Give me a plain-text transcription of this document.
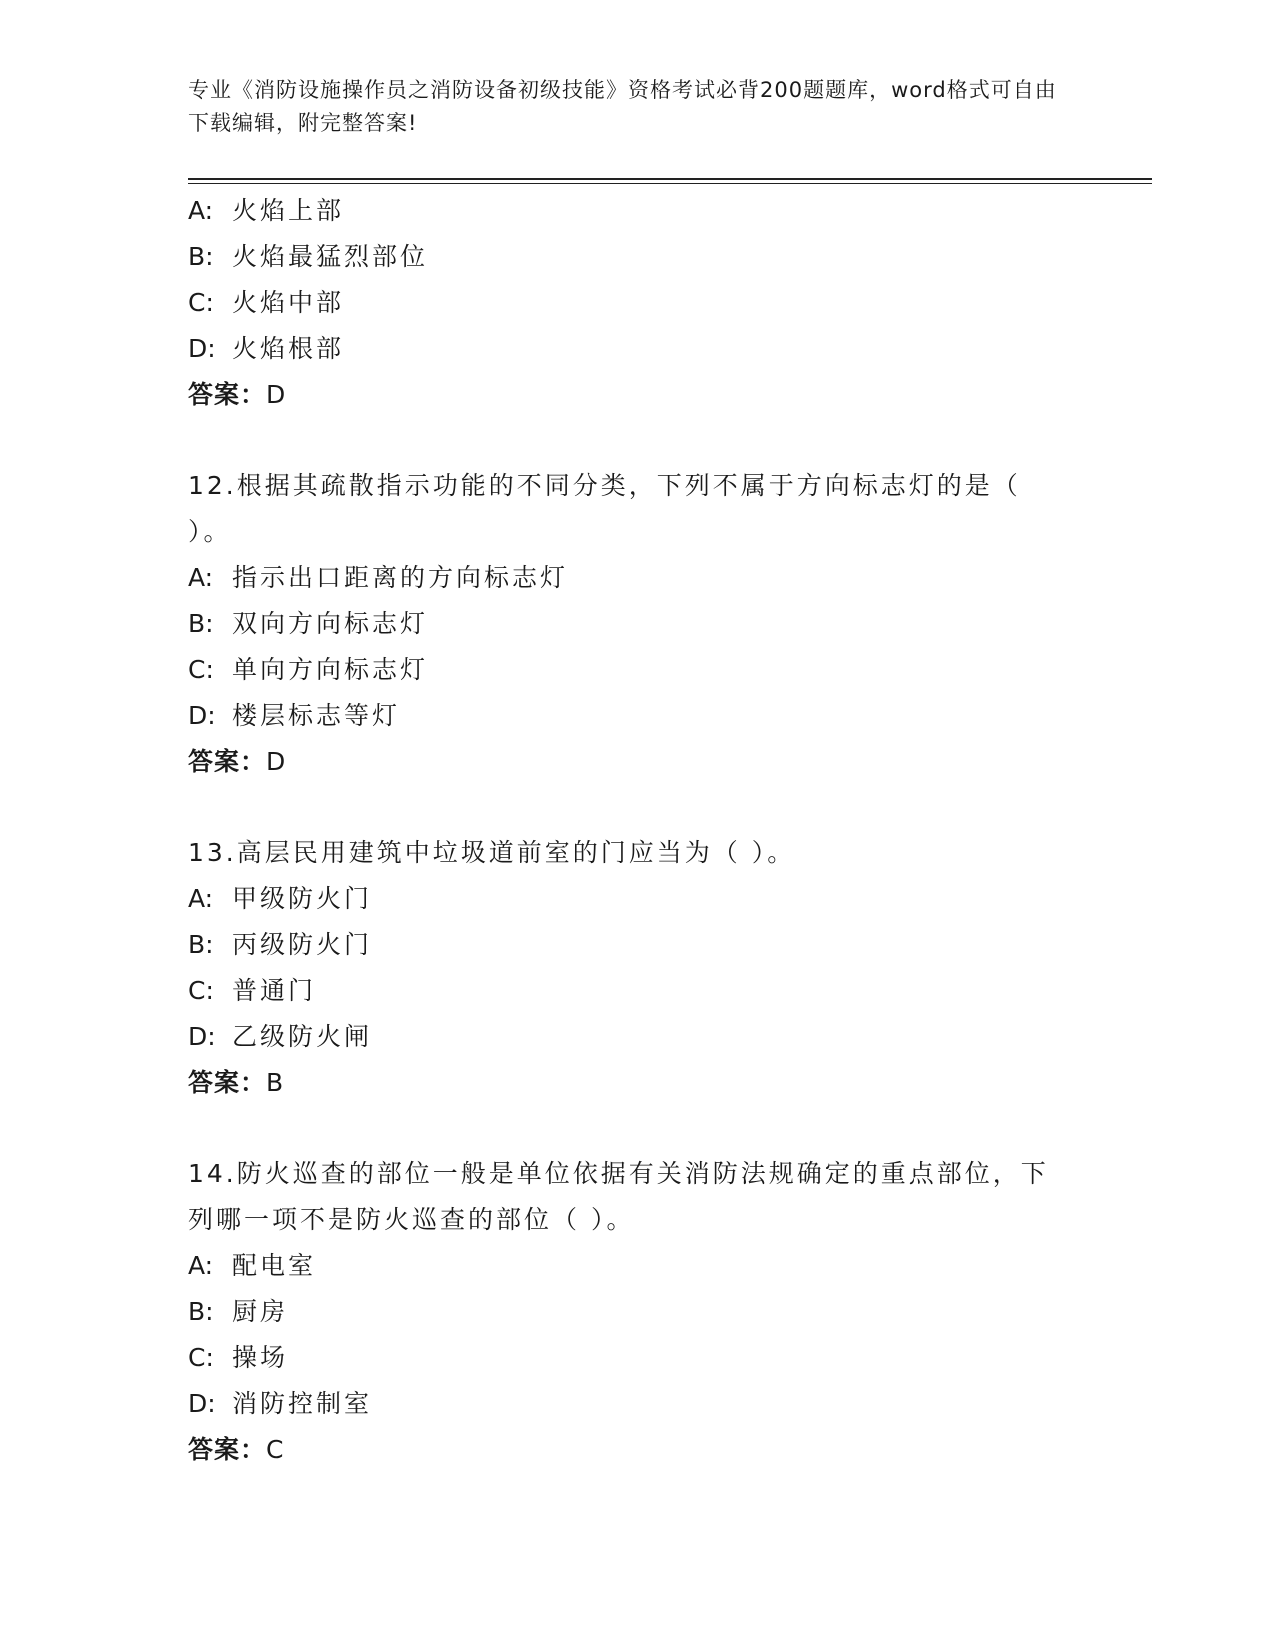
专业《消防设施操作员之消防设备初级技能》资格考试必背200题题库，word格式可自由下载编辑，附完整答案!
A: 火焰上部
B: 火焰最猛烈部位
C: 火焰中部
D: 火焰根部
答案：D
12.根据其疏散指示功能的不同分类，下列不属于方向标志灯的是（ ）。
A: 指示出口距离的方向标志灯
B: 双向方向标志灯
C: 单向方向标志灯
D: 楼层标志等灯
答案：D
13.高层民用建筑中垃圾道前室的门应当为（ ）。
A: 甲级防火门
B: 丙级防火门
C: 普通门
D: 乙级防火闸
答案：B
14.防火巡查的部位一般是单位依据有关消防法规确定的重点部位，下列哪一项不是防火巡查的部位（ ）。
A: 配电室
B: 厨房
C: 操场
D: 消防控制室
答案：C
